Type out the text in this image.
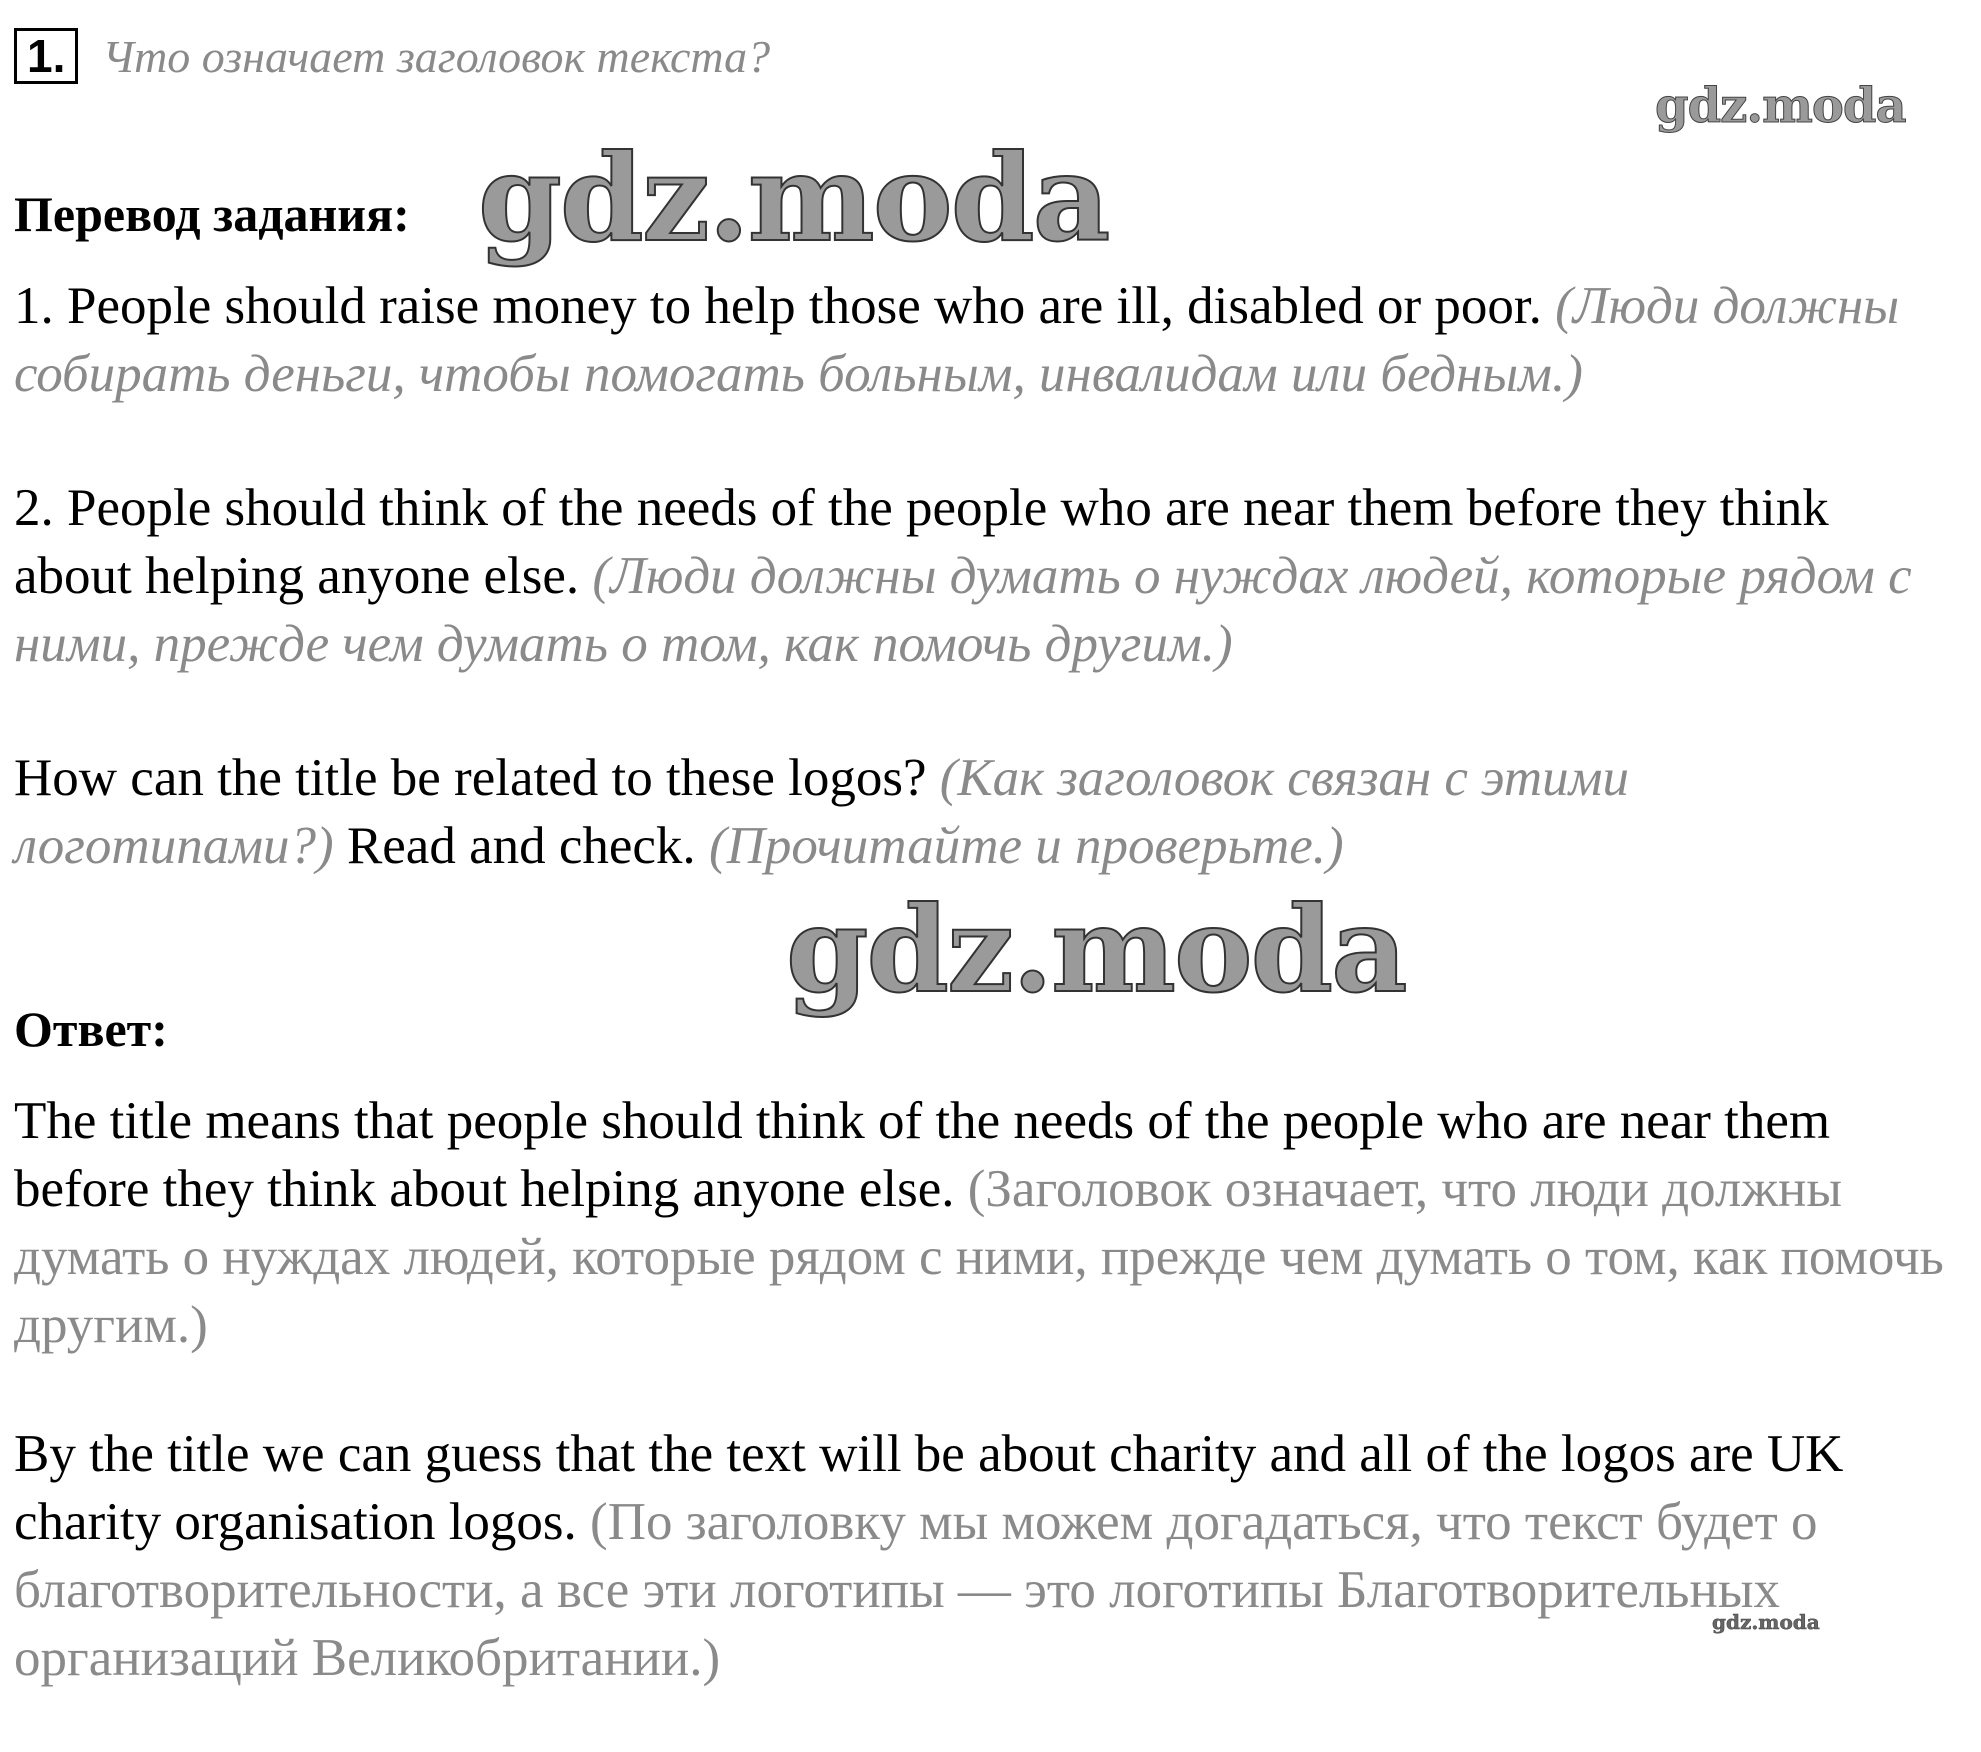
1. Что означает заголовок текста?
gdz.moda
Перевод задания: gdz.moda
1. People should raise money to help those who are ill, disabled or poor. (Люди должны собирать деньги, чтобы помогать больным, инвалидам или бедным.)
2. People should think of the needs of the people who are near them before they think about helping anyone else. (Люди должны думать о нуждах людей, которые рядом с ними, прежде чем думать о том, как помочь другим.)
How can the title be related to these logos? (Как заголовок связан с этими логотипами?) Read and check. (Прочитайте и проверьте.)
gdz.moda
Ответ:
The title means that people should think of the needs of the people who are near them before they think about helping anyone else. (Заголовок означает, что люди должны думать о нуждах людей, которые рядом с ними, прежде чем думать о том, как помочь другим.)
By the title we can guess that the text will be about charity and all of the logos are UK charity organisation logos. (По заголовку мы можем догадаться, что текст будет о благотворительности, а все эти логотипы — это логотипы Благотворительных организаций Великобритании.)
gdz.moda
